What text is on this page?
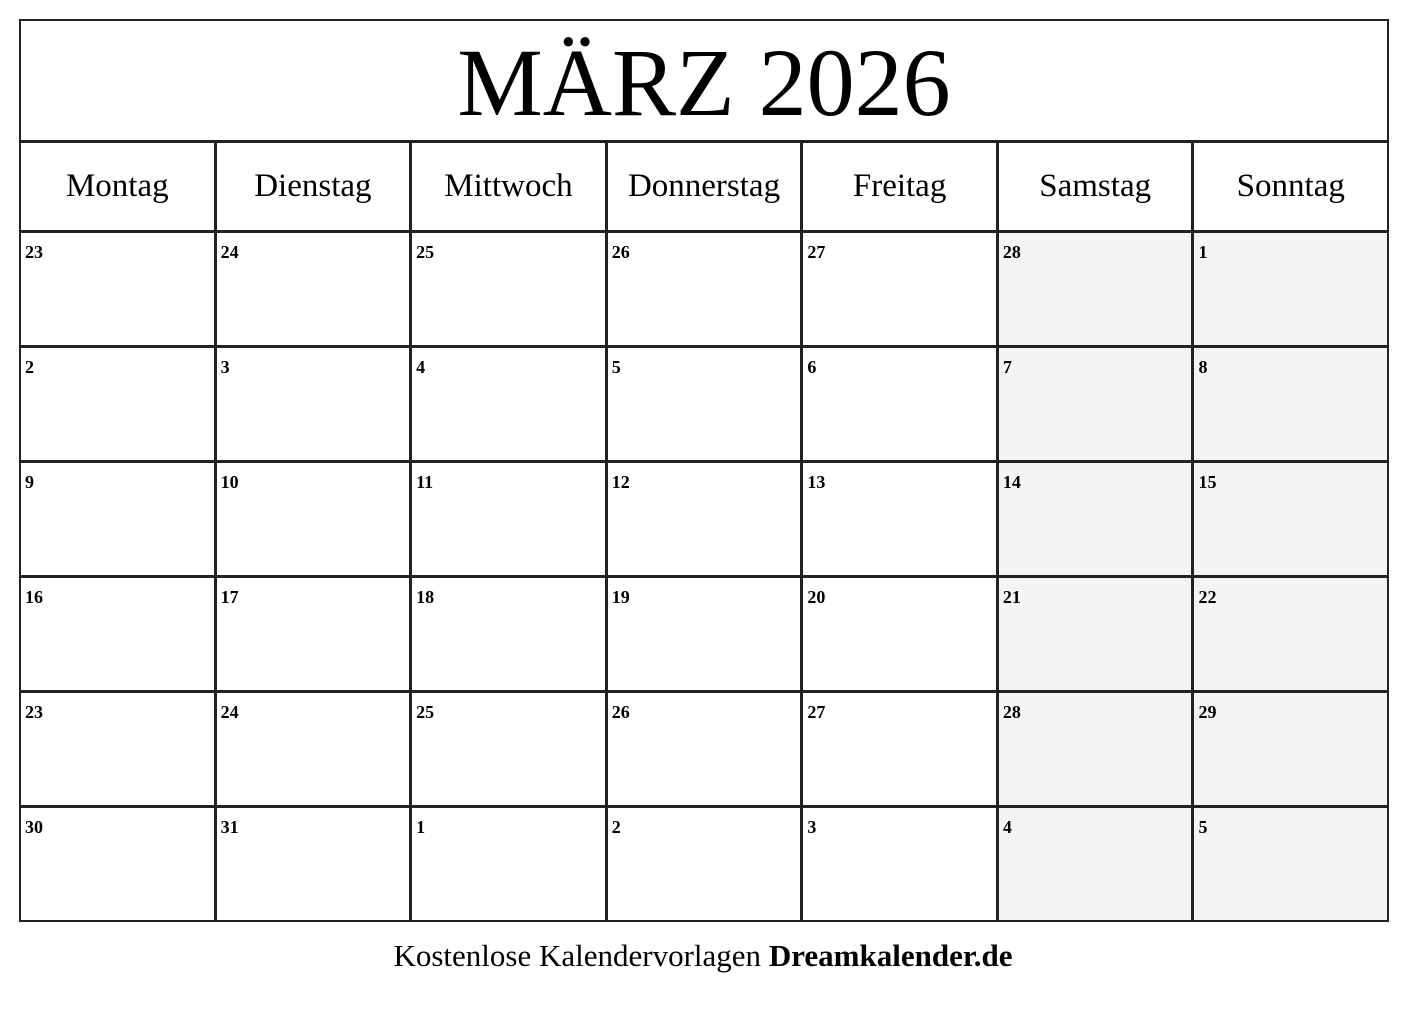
MÄRZ 2026
Montag	Dienstag	Mittwoch	Donnerstag	Freitag	Samstag	Sonntag
23	24	25	26	27	28	1
2	3	4	5	6	7	8
9	10	11	12	13	14	15
16	17	18	19	20	21	22
23	24	25	26	27	28	29
30	31	1	2	3	4	5
Kostenlose Kalendervorlagen Dreamkalender.de
